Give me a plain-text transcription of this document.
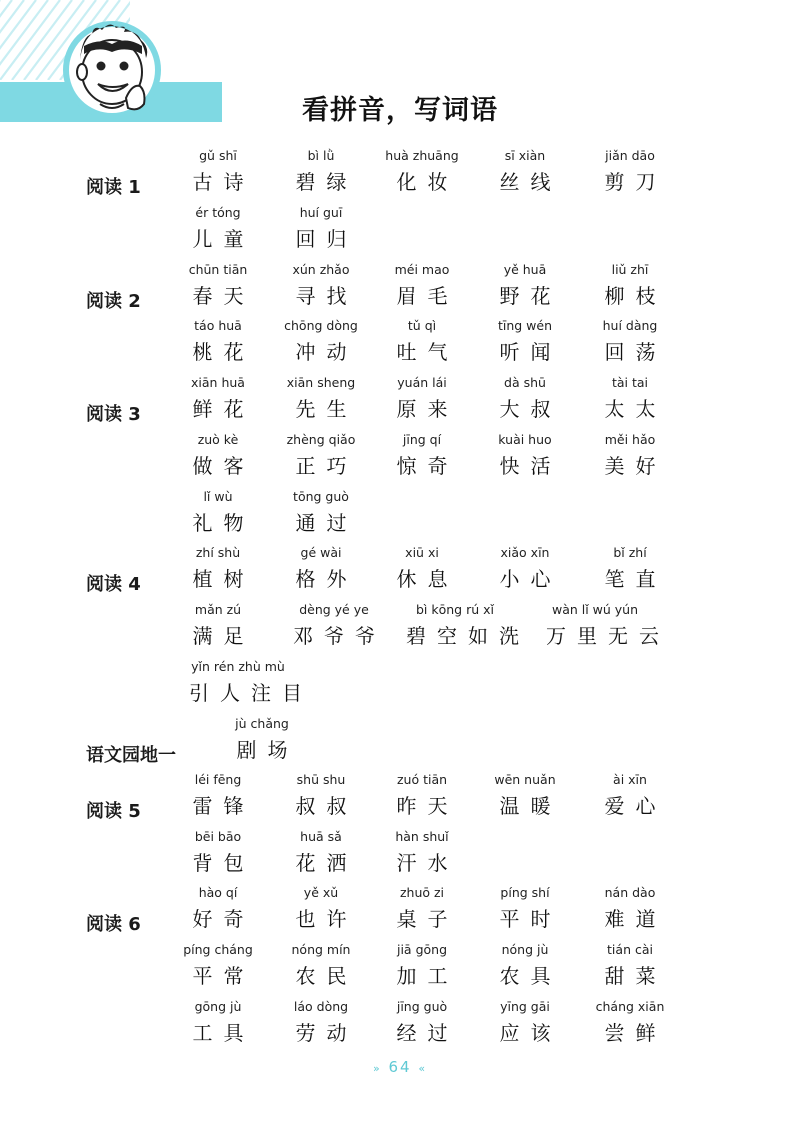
看拼音，写词语
阅读 1
gǔ shī
古诗
bì lǜ
碧绿
huà zhuāng
化妆
sī xiàn
丝线
jiǎn dāo
剪刀
ér tóng
儿童
huí guī
回归
阅读 2
chūn tiān
春天
xún zhǎo
寻找
méi mao
眉毛
yě huā
野花
liǔ zhī
柳枝
táo huā
桃花
chōng dòng
冲动
tǔ qì
吐气
tīng wén
听闻
huí dàng
回荡
阅读 3
xiān huā
鲜花
xiān sheng
先生
yuán lái
原来
dà shū
大叔
tài tai
太太
zuò kè
做客
zhèng qiǎo
正巧
jīng qí
惊奇
kuài huo
快活
měi hǎo
美好
lǐ wù
礼物
tōng guò
通过
阅读 4
zhí shù
植树
gé wài
格外
xiū xi
休息
xiǎo xīn
小心
bǐ zhí
笔直
mǎn zú
满足
dèng yé ye
邓爷爷
bì kōng rú xǐ
碧空如洗
wàn lǐ wú yún
万里无云
yǐn rén zhù mù
引人注目
语文园地一
jù chǎng
剧场
阅读 5
léi fēng
雷锋
shū shu
叔叔
zuó tiān
昨天
wēn nuǎn
温暖
ài xīn
爱心
bēi bāo
背包
huā sǎ
花洒
hàn shuǐ
汗水
阅读 6
hào qí
好奇
yě xǔ
也许
zhuō zi
桌子
píng shí
平时
nán dào
难道
píng cháng
平常
nóng mín
农民
jiā gōng
加工
nóng jù
农具
tián cài
甜菜
gōng jù
工具
láo dòng
劳动
jīng guò
经过
yīng gāi
应该
cháng xiān
尝鲜
» 64 «
